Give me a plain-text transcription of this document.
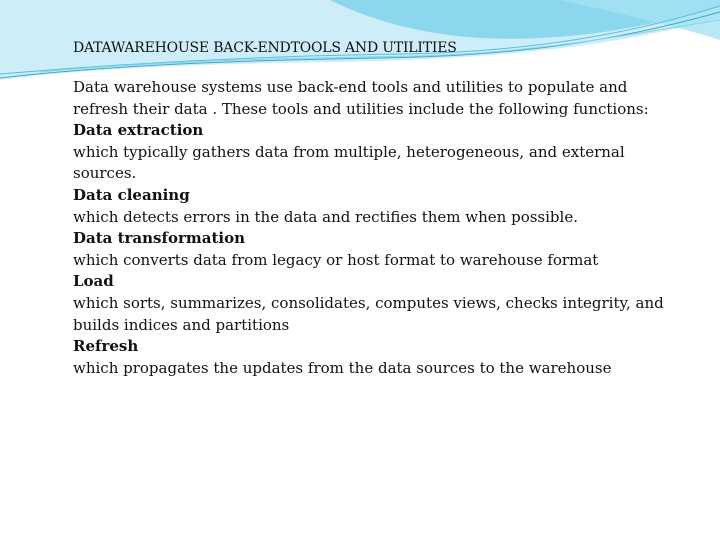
DATAWAREHOUSE BACK-ENDTOOLS AND UTILITIES

Data warehouse systems use back-end tools and utilities to populate and refresh their data . These tools and utilities include the following functions:

Data extraction

which typically gathers data from multiple, heterogeneous, and external sources.

Data cleaning

which detects errors in the data and rectifies them when possible.

Data transformation

which converts data from legacy or host format to warehouse format

Load

which sorts, summarizes, consolidates, computes views, checks integrity, and builds indices and partitions

Refresh

which propagates the updates from the data sources to the warehouse
